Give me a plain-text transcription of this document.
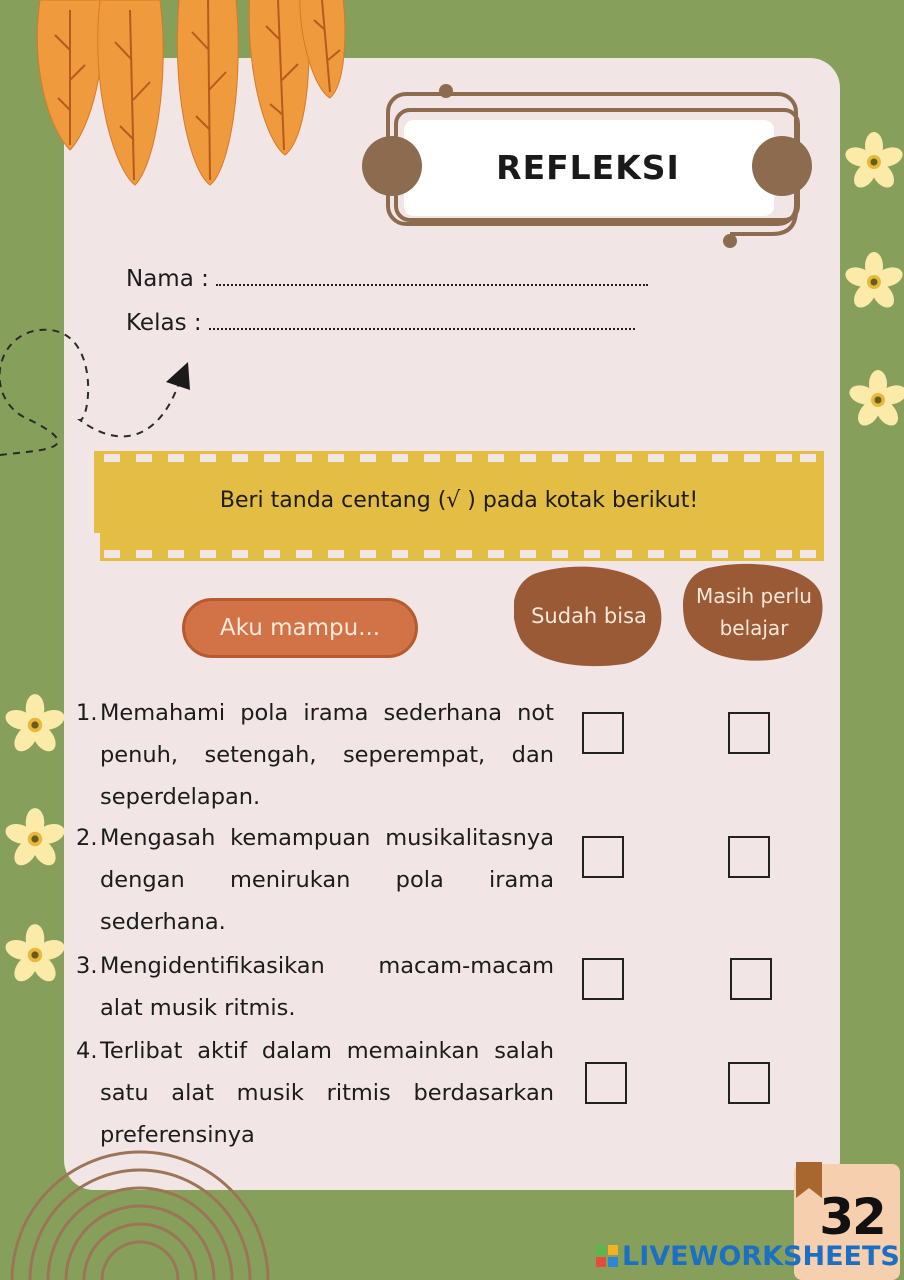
REFLEKSI
Nama :
Kelas :
Beri tanda centang (√ ) pada kotak berikut!
Aku mampu...	Sudah bisa
Masih perlu
belajar
1. Memahami pola irama sederhana not penuh, setengah, seperempat, dan seperdelapan.
2. Mengasah kemampuan musikalitasnya dengan menirukan pola irama sederhana.
3. Mengidentifikasikan macam-macam alat musik ritmis.
4. Terlibat aktif dalam memainkan salah satu alat musik ritmis berdasarkan preferensinya
32
LIVEWORKSHEETS
